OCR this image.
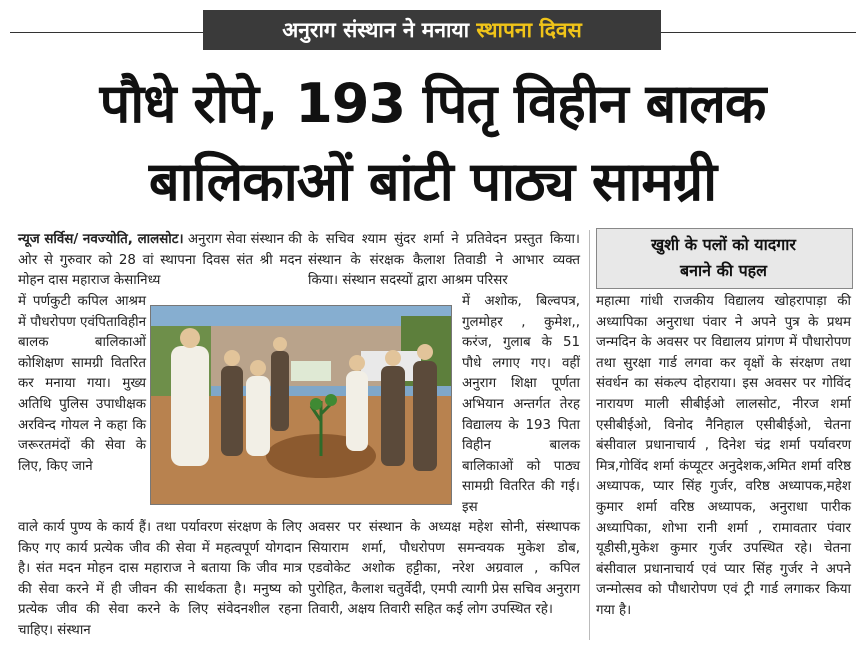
अनुराग संस्थान ने मनाया स्थापना दिवस
पौधे रोपे, 193 पितृ विहीन बालक
बालिकाओं बांटी पाठ्य सामग्री

न्यूज सर्विस/ नवज्योति, लालसोट। अनुराग सेवा संस्थान की ओर से गुरुवार को 28 वां स्थापना दिवस संत श्री मदन मोहन दास महाराज केसानिध्य

में पर्णकुटी कपिल आश्रम में पौधरोपण एवंपिताविहीन बालक बालिकाओं कोशिक्षण सामग्री वितरित कर मनाया गया। मुख्य अतिथि पुलिस उपाधीक्षक अरविन्द गोयल ने कहा कि जरूरतमंदों की सेवा के लिए, किए जाने

वाले कार्य पुण्य के कार्य हैं। तथा पर्यावरण संरक्षण के लिए किए गए कार्य प्रत्येक जीव की सेवा में महत्वपूर्ण योगदान है। संत मदन मोहन दास महाराज ने बताया कि जीव मात्र की सेवा करने में ही जीवन की सार्थकता है। मनुष्य को प्रत्येक जीव की सेवा करने के लिए संवेदनशील रहना चाहिए। संस्थान

के सचिव श्याम सुंदर शर्मा ने प्रतिवेदन प्रस्तुत किया। संस्थान के संरक्षक कैलाश तिवाडी ने आभार व्यक्त किया। संस्थान सदस्यों द्वारा आश्रम परिसर

में अशोक, बिल्वपत्र, गुलमोहर , कुमेश,, करंज, गुलाब के 51 पौधे लगाए गए। वहीं अनुराग शिक्षा पूर्णता अभियान अन्तर्गत तेरह विद्यालय के 193 पिता विहीन बालक बालिकाओं को पाठ्य सामग्री वितरित की गई। इस

अवसर पर संस्थान के अध्यक्ष महेश सोनी, संस्थापक सियाराम शर्मा, पौधरोपण समन्वयक मुकेश डोब, एडवोकेट अशोक हट्टीका, नरेश अग्रवाल , कपिल पुरोहित, कैलाश चतुर्वेदी, एमपी त्यागी प्रेस सचिव अनुराग तिवारी, अक्षय तिवारी सहित कई लोग उपस्थित रहे।

खुशी के पलों को यादगार
बनाने की पहल

महात्मा गांधी राजकीय विद्यालय खोहरापाड़ा की अध्यापिका अनुराधा पंवार ने अपने पुत्र के प्रथम जन्मदिन के अवसर पर विद्यालय प्रांगण में पौधारोपण तथा सुरक्षा गार्ड लगवा कर वृक्षों के संरक्षण तथा संवर्धन का संकल्प दोहराया। इस अवसर पर गोविंद नारायण माली सीबीईओ लालसोट, नीरज शर्मा एसीबीईओ, विनोद नैनिहाल एसीबीईओ, चेतना बंसीवाल प्रधानाचार्य , दिनेश चंद्र शर्मा पर्यावरण मित्र,गोविंद शर्मा कंप्यूटर अनुदेशक,अमित शर्मा वरिष्ठ अध्यापक, प्यार सिंह गुर्जर, वरिष्ठ अध्यापक,महेश कुमार शर्मा वरिष्ठ अध्यापक, अनुराधा पारीक अध्यापिका, शोभा रानी शर्मा , रामावतार पंवार यूडीसी,मुकेश कुमार गुर्जर उपस्थित रहे। चेतना बंसीवाल प्रधानाचार्य एवं प्यार सिंह गुर्जर ने अपने जन्मोत्सव को पौधारोपण एवं ट्री गार्ड लगाकर किया गया है।
